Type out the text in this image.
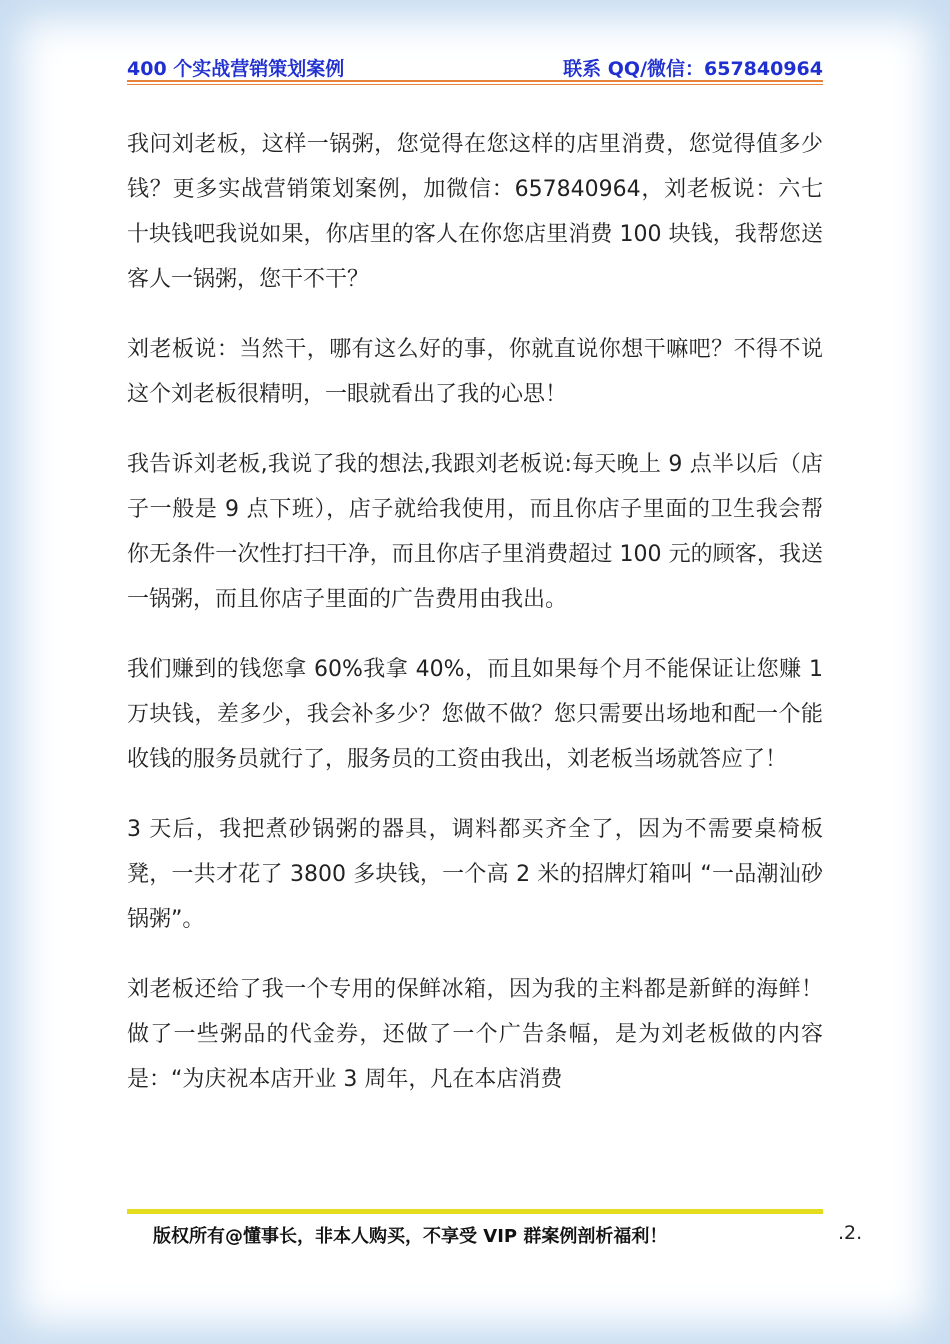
400 个实战营销策划案例	联系 QQ/微信：657840964

我问刘老板，这样一锅粥，您觉得在您这样的店里消费，您觉得值多少钱？更多实战营销策划案例，加微信：657840964，刘老板说：六七十块钱吧我说如果，你店里的客人在你您店里消费 100 块钱，我帮您送客人一锅粥，您干不干？

刘老板说：当然干，哪有这么好的事，你就直说你想干嘛吧？不得不说这个刘老板很精明，一眼就看出了我的心思！

我告诉刘老板,我说了我的想法,我跟刘老板说:每天晚上 9 点半以后（店子一般是 9 点下班），店子就给我使用，而且你店子里面的卫生我会帮你无条件一次性打扫干净，而且你店子里消费超过 100 元的顾客，我送一锅粥，而且你店子里面的广告费用由我出。

我们赚到的钱您拿 60%我拿 40%，而且如果每个月不能保证让您赚 1 万块钱，差多少，我会补多少？您做不做？您只需要出场地和配一个能收钱的服务员就行了，服务员的工资由我出，刘老板当场就答应了！

3 天后，我把煮砂锅粥的器具，调料都买齐全了，因为不需要桌椅板凳，一共才花了 3800 多块钱，一个高 2 米的招牌灯箱叫 “一品潮汕砂锅粥”。

刘老板还给了我一个专用的保鲜冰箱，因为我的主料都是新鲜的海鲜！做了一些粥品的代金券，还做了一个广告条幅，是为刘老板做的内容是：“为庆祝本店开业 3 周年，凡在本店消费

版权所有@懂事长，非本人购买，不享受 VIP 群案例剖析福利！	.2.
